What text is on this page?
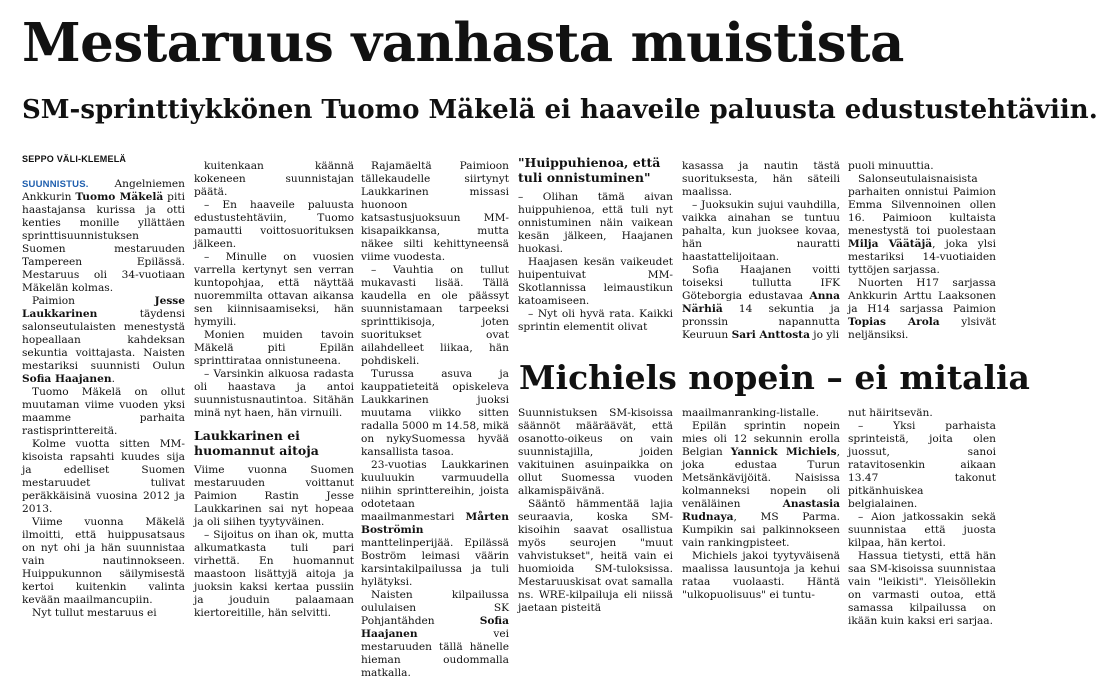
Mestaruus vanhasta muistista
SM-sprinttiykkönen Tuomo Mäkelä ei haaveile paluusta edustustehtäviin.
SEPPO VÄLI-KLEMELÄ

SUUNNISTUS. Angelniemen Ankkurin Tuomo Mäkelä piti haastajansa kurissa ja otti kenties monille yllättäen sprinttisuunnistuksen Suomen mestaruuden Tampereen Epilässä. Mestaruus oli 34-vuotiaan Mäkelän kolmas.

Paimion Jesse Laukkarinen täydensi salonseutulaisten menestystä hopeallaan kahdeksan sekuntia voittajasta. Naisten mestariksi suunnisti Oulun Sofia Haajanen.

Tuomo Mäkelä on ollut muutaman viime vuoden yksi maamme parhaita rastisprinttereitä.

Kolme vuotta sitten MM-kisoista rapsahti kuudes sija ja edelliset Suomen mestaruudet tulivat peräkkäisinä vuosina 2012 ja 2013.

Viime vuonna Mäkelä ilmoitti, että huippusatsaus on nyt ohi ja hän suunnistaa vain nautinnokseen. Huippukunnon säilymisestä kertoi kuitenkin valinta kevään maailmancupiin.

Nyt tullut mestaruus ei

kuitenkaan käännä kokeneen suunnistajan päätä.

– En haaveile paluusta edustustehtäviin, Tuomo pamautti voittosuorituksen jälkeen.

– Minulle on vuosien varrella kertynyt sen verran kuntopohjaa, että näyttää nuoremmilta ottavan aikansa sen kiinnisaamiseksi, hän hymyili.

Monien muiden tavoin Mäkelä piti Epilän sprinttirataa onnistuneena.

– Varsinkin alkuosa radasta oli haastava ja antoi suunnistusnautintoa. Sitähän minä nyt haen, hän virnuili.

Laukkarinen ei huomannut aitoja

Viime vuonna Suomen mestaruuden voittanut Paimion Rastin Jesse Laukkarinen sai nyt hopeaa ja oli siihen tyytyväinen.

– Sijoitus on ihan ok, mutta alkumatkasta tuli pari virhettä. En huomannut maastoon lisättyjä aitoja ja juoksin kaksi kertaa pussiin ja jouduin palaamaan kiertoreitille, hän selvitti.

Rajamäeltä Paimioon tällekaudelle siirtynyt Laukkarinen missasi huonoon katsastusjuoksuun MM-kisapaikkansa, mutta näkee silti kehittyneensä viime vuodesta.

– Vauhtia on tullut mukavasti lisää. Tällä kaudella en ole päässyt suunnistamaan tarpeeksi sprinttikisoja, joten suoritukset ovat ailahdelleet liikaa, hän pohdiskeli.

Turussa asuva ja kauppatieteitä opiskeleva Laukkarinen juoksi muutama viikko sitten radalla 5000 m 14.58, mikä on nykySuomessa hyvää kansallista tasoa.

23-vuotias Laukkarinen kuuluukin varmuudella niihin sprinttereihin, joista odotetaan maailmanmestari Mårten Boströmin manttelinperijää. Epilässä Boström leimasi väärin karsintakilpailussa ja tuli hylätyksi.

Naisten kilpailussa oululaisen SK Pohjantähden Sofia Haajanen vei mestaruuden tällä hänelle hieman oudommalla matkalla.

"Huippuhienoa, että tuli onnistuminen"

– Olihan tämä aivan huippuhienoa, että tuli nyt onnistuminen näin vaikean kesän jälkeen, Haajanen huokasi.

Haajasen kesän vaikeudet huipentuivat MM-Skotlannissa leimaustikun katoamiseen.

– Nyt oli hyvä rata. Kaikki sprintin elementit olivat

kasassa ja nautin tästä suorituksesta, hän säteili maalissa.

– Juoksukin sujui vauhdilla, vaikka ainahan se tuntuu pahalta, kun juoksee kovaa, hän nauratti haastattelijoitaan.

Sofia Haajanen voitti toiseksi tullutta IFK Göteborgia edustavaa Anna Närhiä 14 sekuntia ja pronssin napannutta Keuruun Sari Anttosta jo yli

puoli minuuttia.

Salonseutulaisnaisista parhaiten onnistui Paimion Emma Silvennoinen ollen 16. Paimioon kultaista menestystä toi puolestaan Milja Väätäjä, joka ylsi mestariksi 14-vuotiaiden tyttöjen sarjassa.

Nuorten H17 sarjassa Ankkurin Arttu Laaksonen ja H14 sarjassa Paimion Topias Arola ylsivät neljänsiksi.

Michiels nopein – ei mitalia

Suunnistuksen SM-kisoissa säännöt määräävät, että osanotto-oikeus on vain suunnistajilla, joiden vakituinen asuinpaikka on ollut Suomessa vuoden alkamispäivänä.

Sääntö hämmentää lajia seuraavia, koska SM-kisoihin saavat osallistua myös seurojen "muut vahvistukset", heitä vain ei huomioida SM-tuloksissa. Mestaruuskisat ovat samalla ns. WRE-kilpailuja eli niissä jaetaan pisteitä

maailmanranking-listalle.

Epilän sprintin nopein mies oli 12 sekunnin erolla Belgian Yannick Michiels, joka edustaa Turun Metsänkävijöitä. Naisissa kolmanneksi nopein oli venäläinen Anastasia Rudnaya, MS Parma. Kumpikin sai palkinnokseen vain rankingpisteet.

Michiels jakoi tyytyväisenä maalissa lausuntoja ja kehui rataa vuolaasti. Häntä "ulkopuolisuus" ei tuntu-

nut häiritsevän.

– Yksi parhaista sprinteistä, joita olen juossut, sanoi ratavitosenkin aikaan 13.47 takonut pitkänhuiskea belgialainen.

– Aion jatkossakin sekä suunnistaa että juosta kilpaa, hän kertoi.

Hassua tietysti, että hän saa SM-kisoissa suunnistaa vain "leikisti". Yleisöllekin on varmasti outoa, että samassa kilpailussa on ikään kuin kaksi eri sarjaa.
